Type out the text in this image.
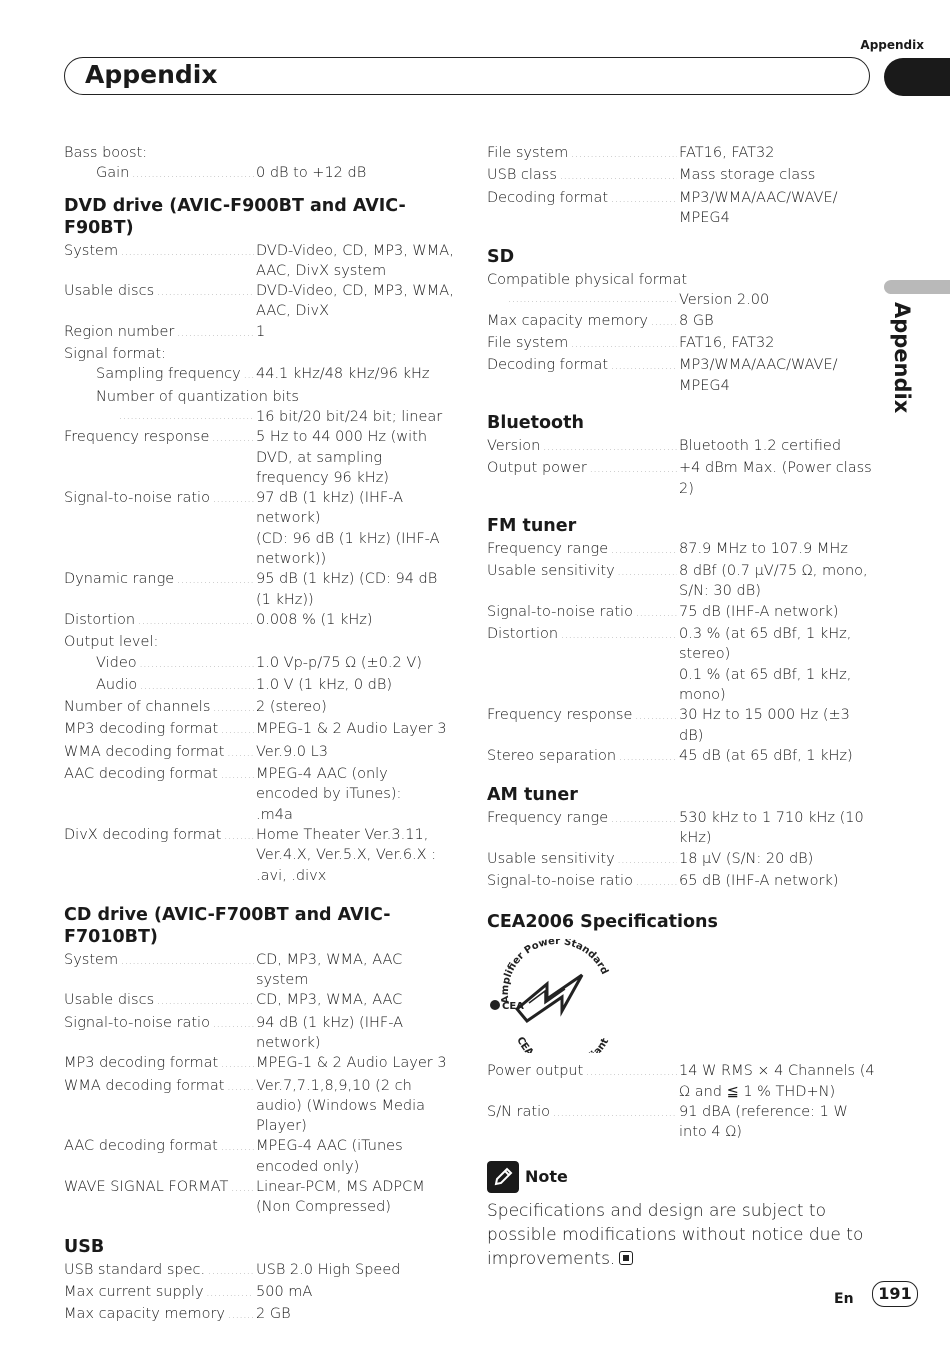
Appendix
Appendix
Appendix
Bass boost:
Gain .....	0 dB to +12 dB
DVD drive (AVIC-F900BT and AVIC-F90BT)
System .....	DVD-Video, CD, MP3, WMA, AAC, DivX system
Usable discs .....	DVD-Video, CD, MP3, WMA, AAC, DivX
Region number .....	1
Signal format:
Sampling frequency ..... 44.1 kHz/48 kHz/96 kHz
Number of quantization bits
.....
16 bit/20 bit/24 bit; linear
Frequency response .....	5 Hz to 44 000 Hz (with DVD, at sampling frequency 96 kHz)
Signal-to-noise ratio .....	97 dB (1 kHz) (IHF-A network)
(CD: 96 dB (1 kHz) (IHF-A network))
Dynamic range .....	95 dB (1 kHz) (CD: 94 dB (1 kHz))
Distortion .....	0.008 % (1 kHz)
Output level:
Video .....	1.0 Vp-p/75 Ω (±0.2 V)
Audio .....	1.0 V (1 kHz, 0 dB)
Number of channels .....	2 (stereo)
MP3 decoding format .....	MPEG-1 & 2 Audio Layer 3
WMA decoding format ..... Ver.9.0 L3
AAC decoding format .....	MPEG-4 AAC (only encoded by iTunes):
.m4a
DivX decoding format ..... Home Theater Ver.3.11, Ver.4.X, Ver.5.X, Ver.6.X : .avi, .divx
CD drive (AVIC-F700BT and AVIC-F7010BT)
System .....	CD, MP3, WMA, AAC system
Usable discs .....	CD, MP3, WMA, AAC
Signal-to-noise ratio .....	94 dB (1 kHz) (IHF-A network)
MP3 decoding format .....	MPEG-1 & 2 Audio Layer 3
WMA decoding format ..... Ver.7,7.1,8,9,10 (2 ch audio) (Windows Media Player)
AAC decoding format .....	MPEG-4 AAC (iTunes encoded only)
WAVE SIGNAL FORMAT ..... Linear-PCM, MS ADPCM (Non Compressed)
USB
USB standard spec. .....	USB 2.0 High Speed
Max current supply .....	500 mA
Max capacity memory ..... 2 GB
File system .....	FAT16, FAT32
USB class .....	Mass storage class
Decoding format .....	MP3/WMA/AAC/WAVE/ MPEG4
SD
Compatible physical format
.....
Version 2.00
Max capacity memory ..... 8 GB
File system .....	FAT16, FAT32
Decoding format .....	MP3/WMA/AAC/WAVE/ MPEG4
Bluetooth
Version .....	Bluetooth 1.2 certified
Output power .....	+4 dBm Max. (Power class 2)
FM tuner
Frequency range .....	87.9 MHz to 107.9 MHz
Usable sensitivity .....	8 dBf (0.7 μV/75 Ω, mono, S/N: 30 dB)
Signal-to-noise ratio .....	75 dB (IHF-A network)
Distortion .....	0.3 % (at 65 dBf, 1 kHz, stereo)
0.1 % (at 65 dBf, 1 kHz, mono)
Frequency response .....	30 Hz to 15 000 Hz (±3 dB)
Stereo separation .....	45 dB (at 65 dBf, 1 kHz)
AM tuner
Frequency range .....	530 kHz to 1 710 kHz (10 kHz)
Usable sensitivity .....	18 μV (S/N: 20 dB)
Signal-to-noise ratio .....	65 dB (IHF-A network)
CEA2006 Specifications
Amplifier Power Standard
CEA ant
CEA
Power output .....	14 W RMS × 4 Channels (4 Ω and ≦ 1 % THD+N)
S/N ratio .....	91 dBA (reference: 1 W into 4 Ω)
Note
Specifications and design are subject to possible modifications without notice due to improvements.
En	191
